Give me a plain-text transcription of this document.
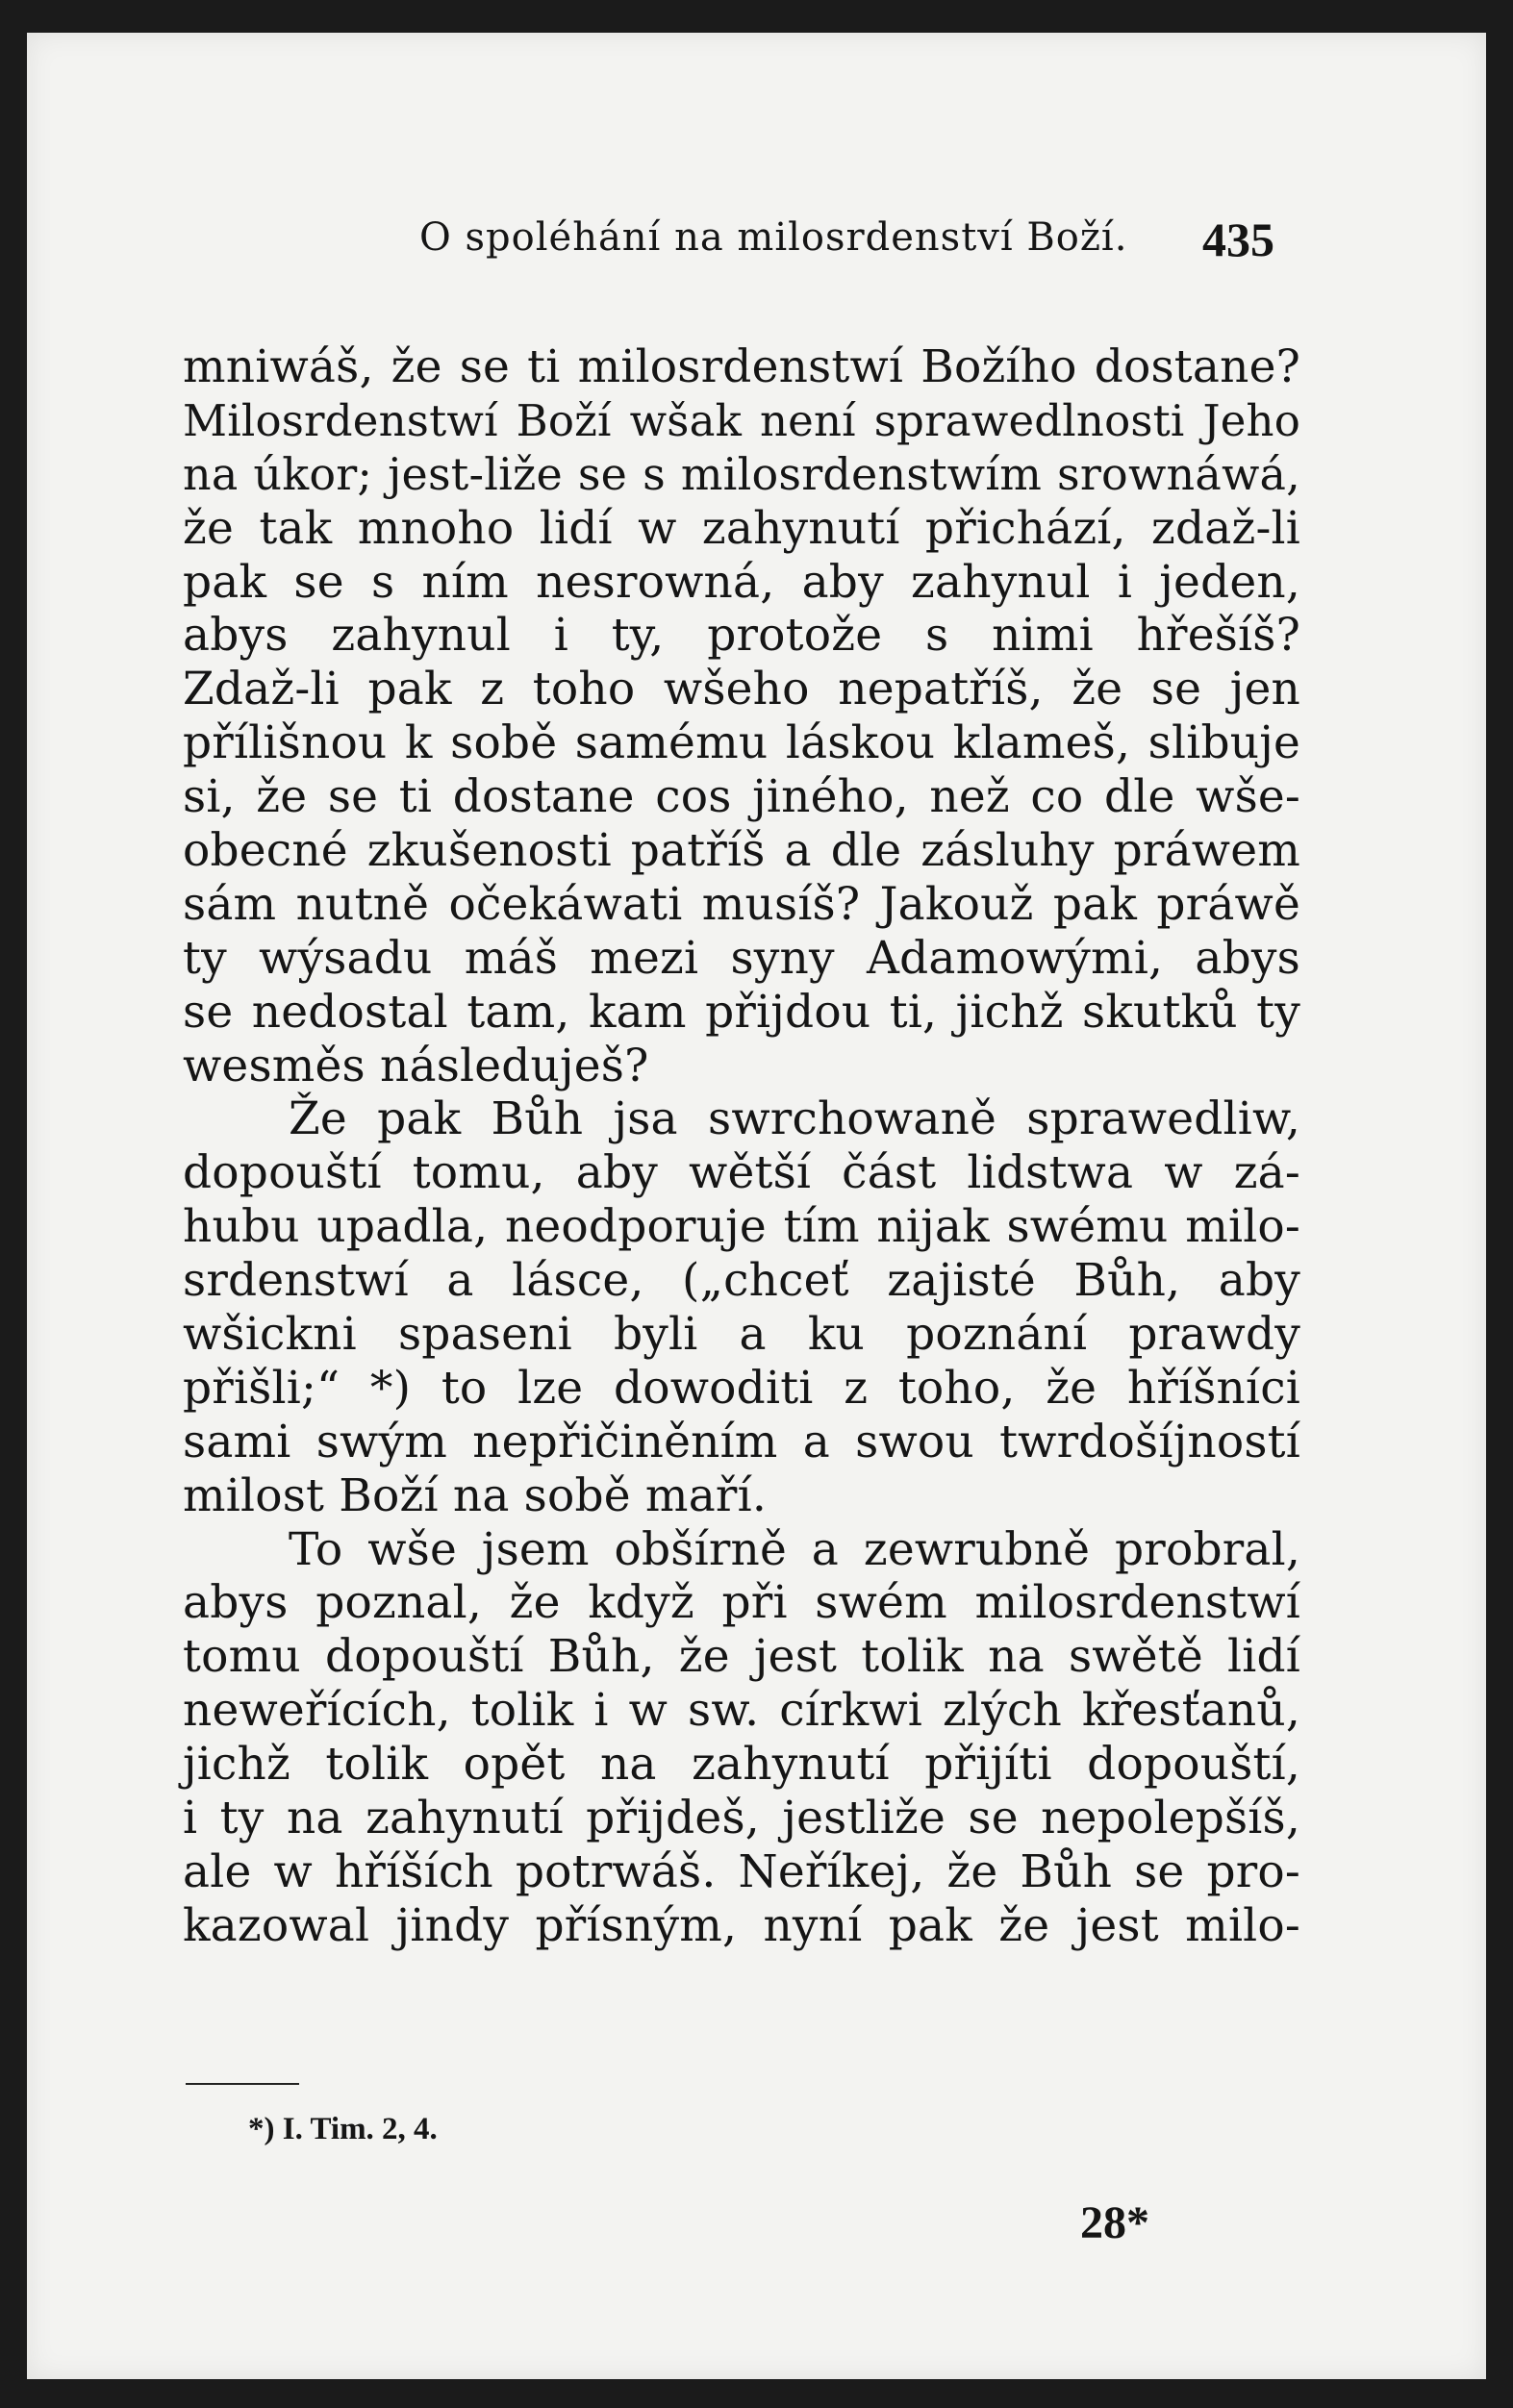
O spoléhání na milosrdenství Boží. 435
mniwáš, že se ti milosrdenstwí Božího dostane?
Milosrdenstwí Boží wšak není sprawedlnosti Jeho
na úkor; jest-liže se s milosrdenstwím srownáwá,
že tak mnoho lidí w zahynutí přichází, zdaž-li
pak se s ním nesrowná, aby zahynul i jeden,
abys zahynul i ty, protože s nimi hřešíš?
Zdaž-li pak z toho wšeho nepatříš, že se jen
přílišnou k sobě samému láskou klameš, slibuje
si, že se ti dostane cos jiného, než co dle wše-
obecné zkušenosti patříš a dle zásluhy práwem
sám nutně očekáwati musíš? Jakouž pak práwě
ty wýsadu máš mezi syny Adamowými, abys
se nedostal tam, kam přijdou ti, jichž skutků ty
wesměs následuješ?
Že pak Bůh jsa swrchowaně sprawedliw,
dopouští tomu, aby wětší část lidstwa w zá-
hubu upadla, neodporuje tím nijak swému milo-
srdenstwí a lásce, („chceť zajisté Bůh, aby
wšickni spaseni byli a ku poznání prawdy
přišli;“ *) to lze dowoditi z toho, že hříšníci
sami swým nepřičiněním a swou twrdošíjností
milost Boží na sobě maří.
To wše jsem obšírně a zewrubně probral,
abys poznal, že když při swém milosrdenstwí
tomu dopouští Bůh, že jest tolik na swětě lidí
neweřících, tolik i w sw. církwi zlých křesťanů,
jichž tolik opět na zahynutí přijíti dopouští,
i ty na zahynutí přijdeš, jestliže se nepolepšíš,
ale w hříších potrwáš. Neříkej, že Bůh se pro-
kazowal jindy přísným, nyní pak že jest milo-
*) I. Tim. 2, 4.
28*
